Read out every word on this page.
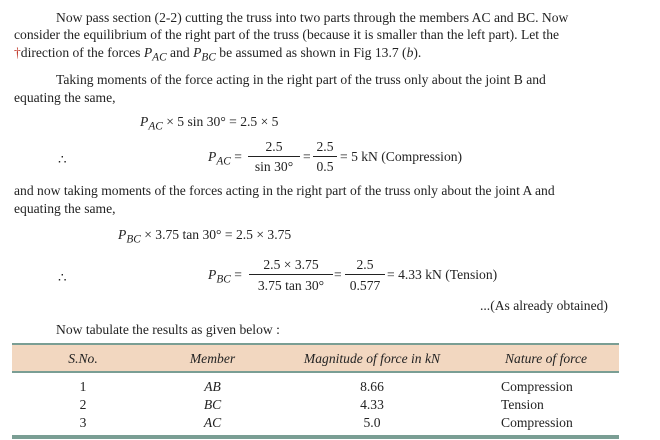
Now pass section (2-2) cutting the truss into two parts through the members AC and BC. Now
consider the equilibrium of the right part of the truss (because it is smaller than the left part). Let the
†direction of the forces $P_{AC}$ and $P_{BC}$ be assumed as shown in Fig 13.7 (b).
Taking moments of the force acting in the right part of the truss only about the joint B and
equating the same,
$P_{AC} \times 5$ sin 30° = 2.5 × 5
∴	$P_{AC}$ =
2.5
sin 30°
=
2.5
0.5
= 5 kN (Compression)
and now taking moments of the forces acting in the right part of the truss only about the joint A and
equating the same,
$P_{BC} \times 3.75$ tan 30° = 2.5 × 3.75
∴	$P_{BC}$ =
2.5 × 3.75
3.75 tan 30°
=
2.5
0.577
= 4.33 kN (Tension)
...(As already obtained)
Now tabulate the results as given below :
S.No.	Member	Magnitude of force in kN	Nature of force
1	AB	8.66	Compression
2	BC	4.33	Tension
3	AC	5.0	Compression
